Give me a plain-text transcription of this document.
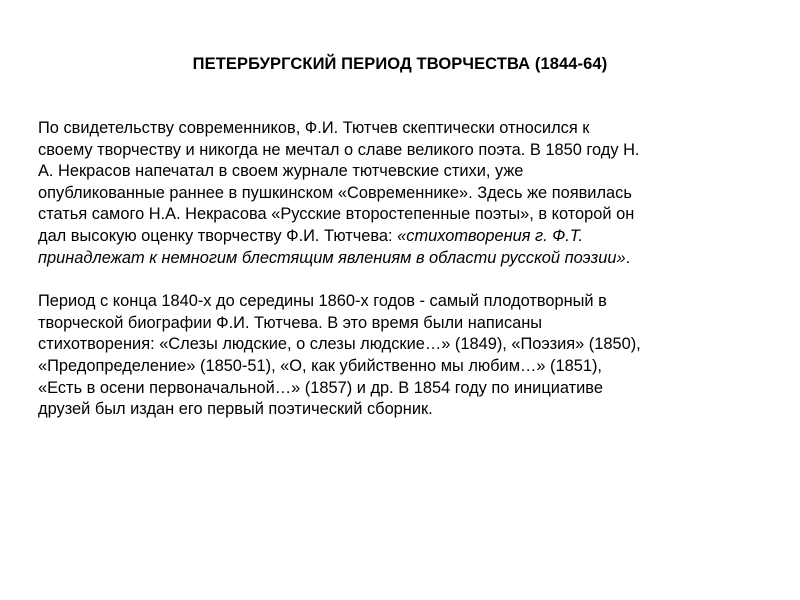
ПЕТЕРБУРГСКИЙ ПЕРИОД ТВОРЧЕСТВА (1844-64)

По свидетельству современников, Ф.И. Тютчев скептически относился к
своему творчеству и никогда не мечтал о славе великого поэта. В 1850 году Н.
А. Некрасов напечатал в своем журнале тютчевские стихи, уже
опубликованные раннее в пушкинском «Современнике». Здесь же появилась
статья самого Н.А. Некрасова «Русские второстепенные поэты», в которой он
дал высокую оценку творчеству Ф.И. Тютчева: «стихотворения г. Ф.Т.
принадлежат к немногим блестящим явлениям в области русской поэзии».

Период с конца 1840-х до середины 1860-х годов - самый плодотворный в
творческой биографии Ф.И. Тютчева. В это время были написаны
стихотворения: «Слезы людские, о слезы людские…» (1849), «Поэзия» (1850),
«Предопределение» (1850-51), «О, как убийственно мы любим…» (1851),
«Есть в осени первоначальной…» (1857) и др. В 1854 году по инициативе
друзей был издан его первый поэтический сборник.
